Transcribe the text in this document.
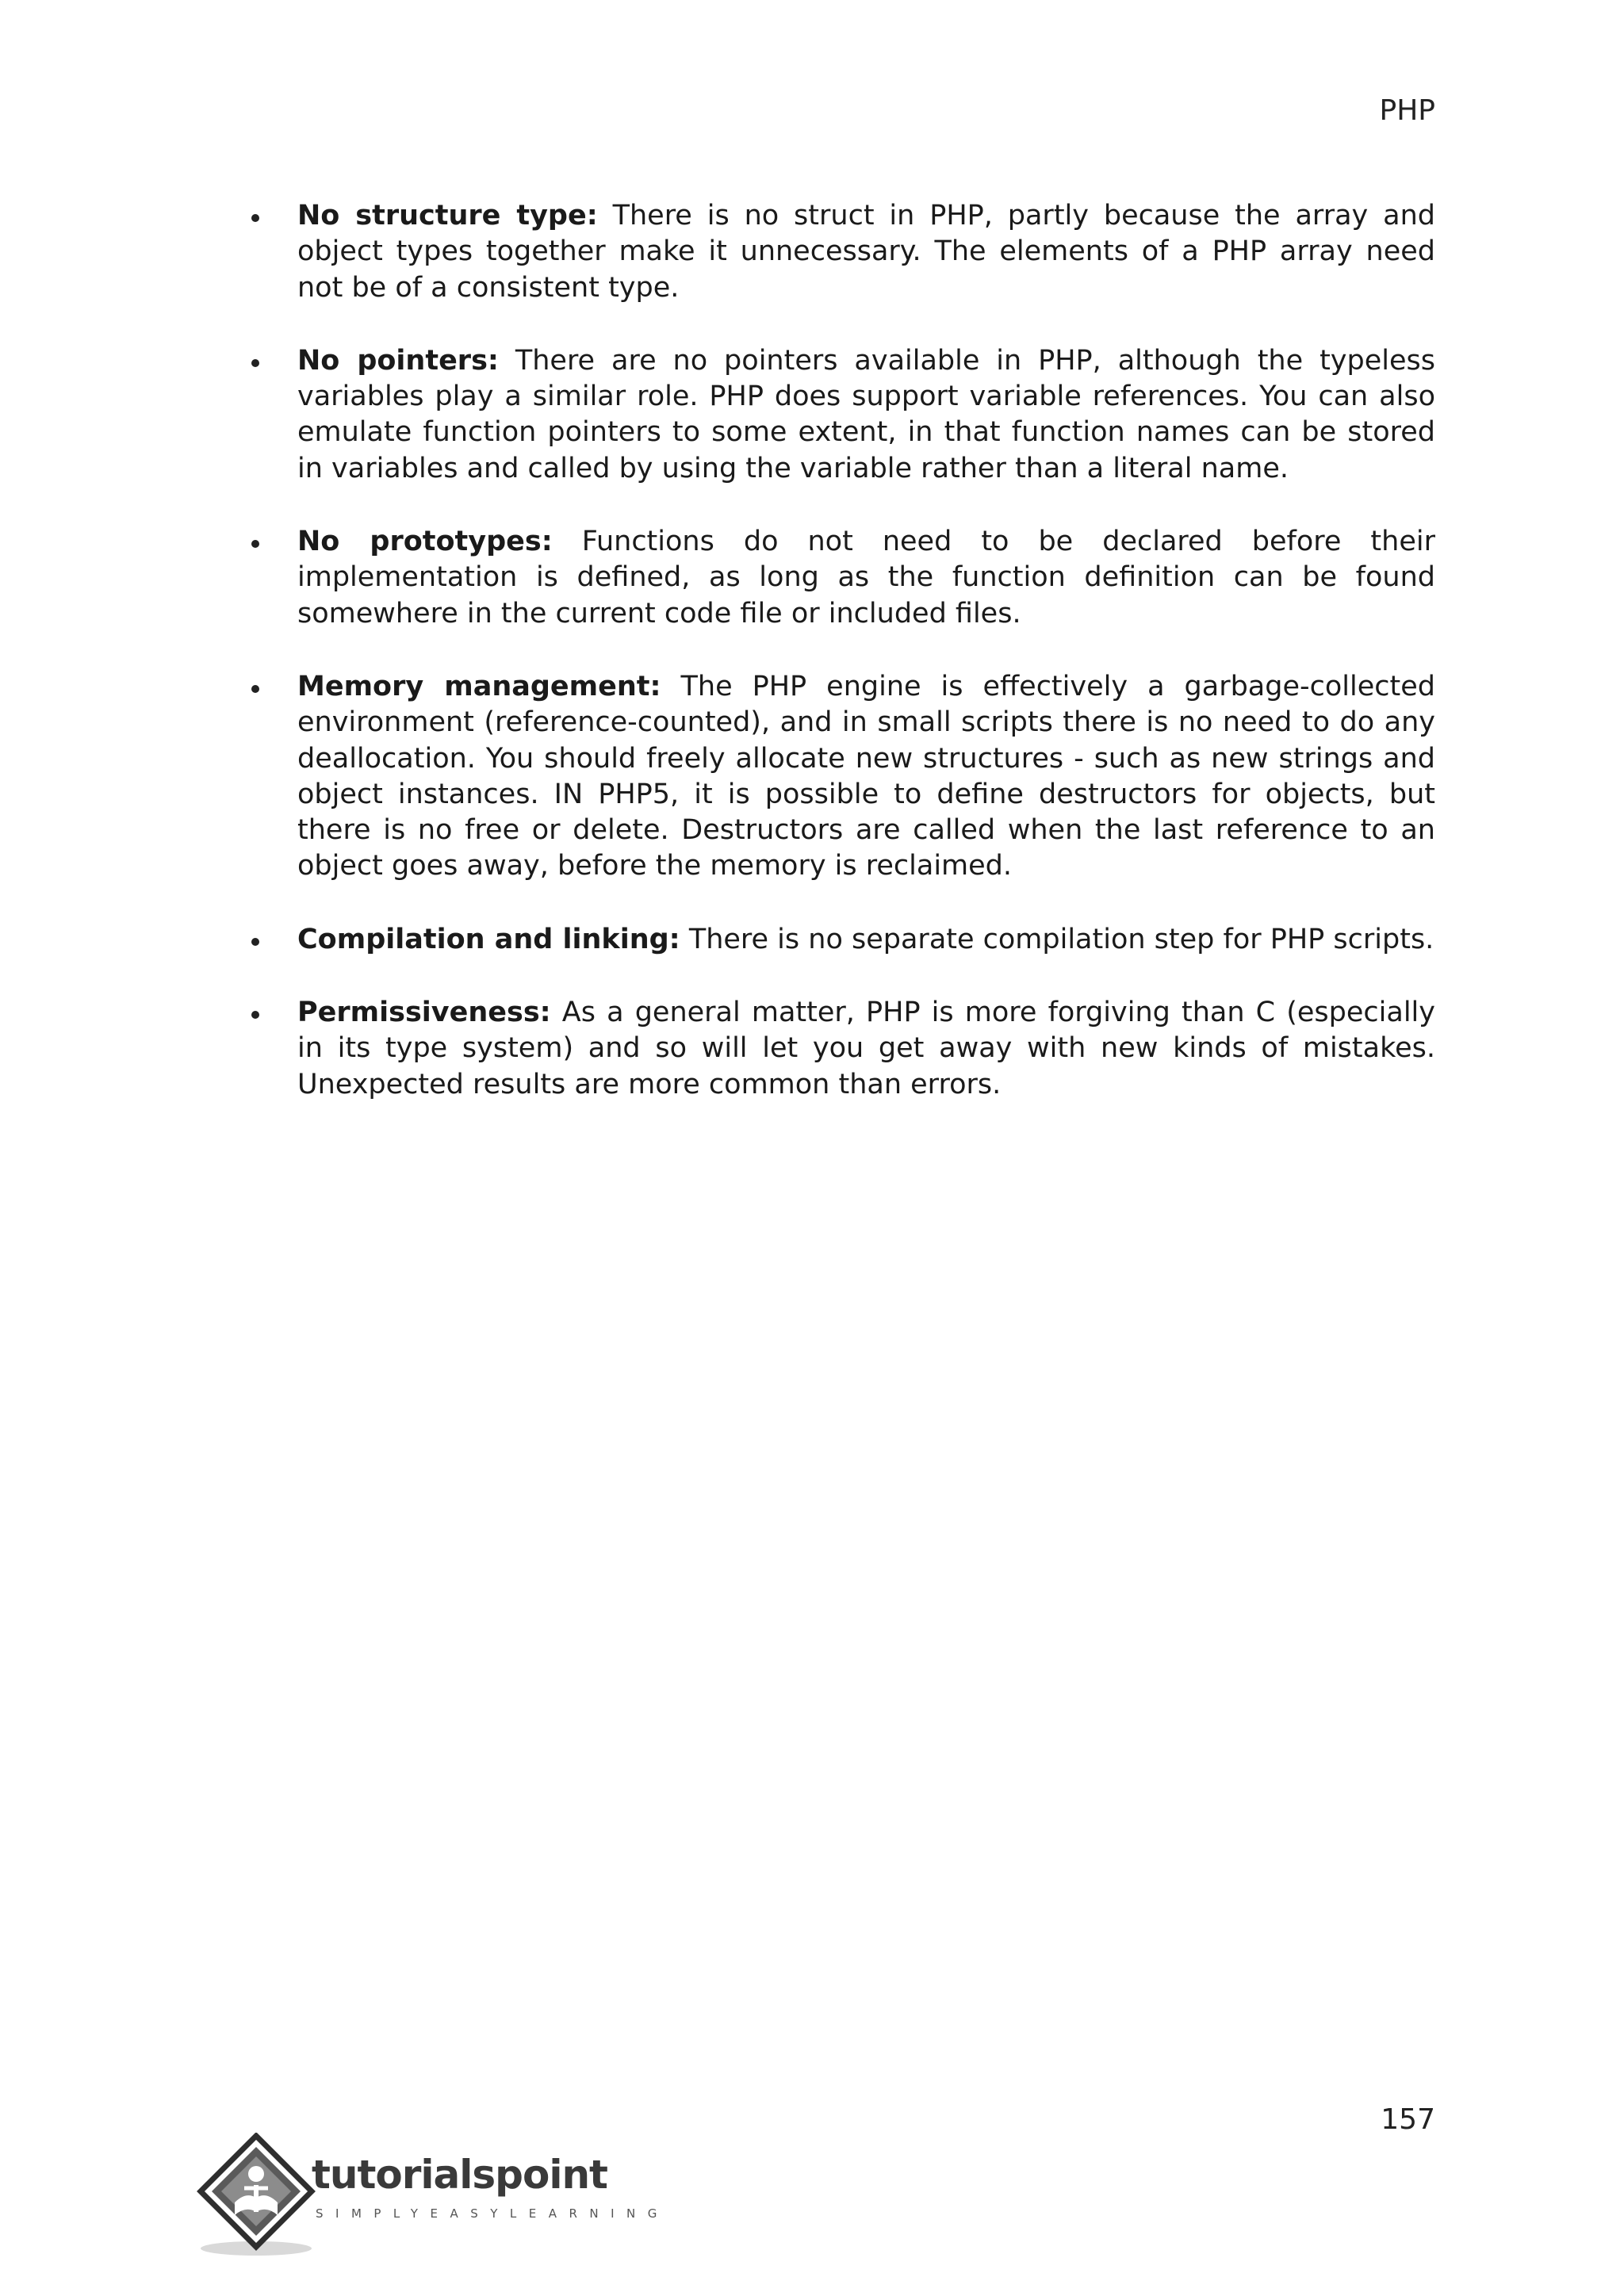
PHP
No structure type: There is no struct in PHP, partly because the array and object types together make it unnecessary. The elements of a PHP array need not be of a consistent type.
No pointers: There are no pointers available in PHP, although the typeless variables play a similar role. PHP does support variable references. You can also emulate function pointers to some extent, in that function names can be stored in variables and called by using the variable rather than a literal name.
No prototypes: Functions do not need to be declared before their implementation is defined, as long as the function definition can be found somewhere in the current code file or included files.
Memory management: The PHP engine is effectively a garbage-collected environment (reference-counted), and in small scripts there is no need to do any deallocation. You should freely allocate new structures - such as new strings and object instances. IN PHP5, it is possible to define destructors for objects, but there is no free or delete. Destructors are called when the last reference to an object goes away, before the memory is reclaimed.
Compilation and linking: There is no separate compilation step for PHP scripts.
Permissiveness: As a general matter, PHP is more forgiving than C (especially in its type system) and so will let you get away with new kinds of mistakes. Unexpected results are more common than errors.
157
tutorialspoint
SIMPLYEASYLEARNING
